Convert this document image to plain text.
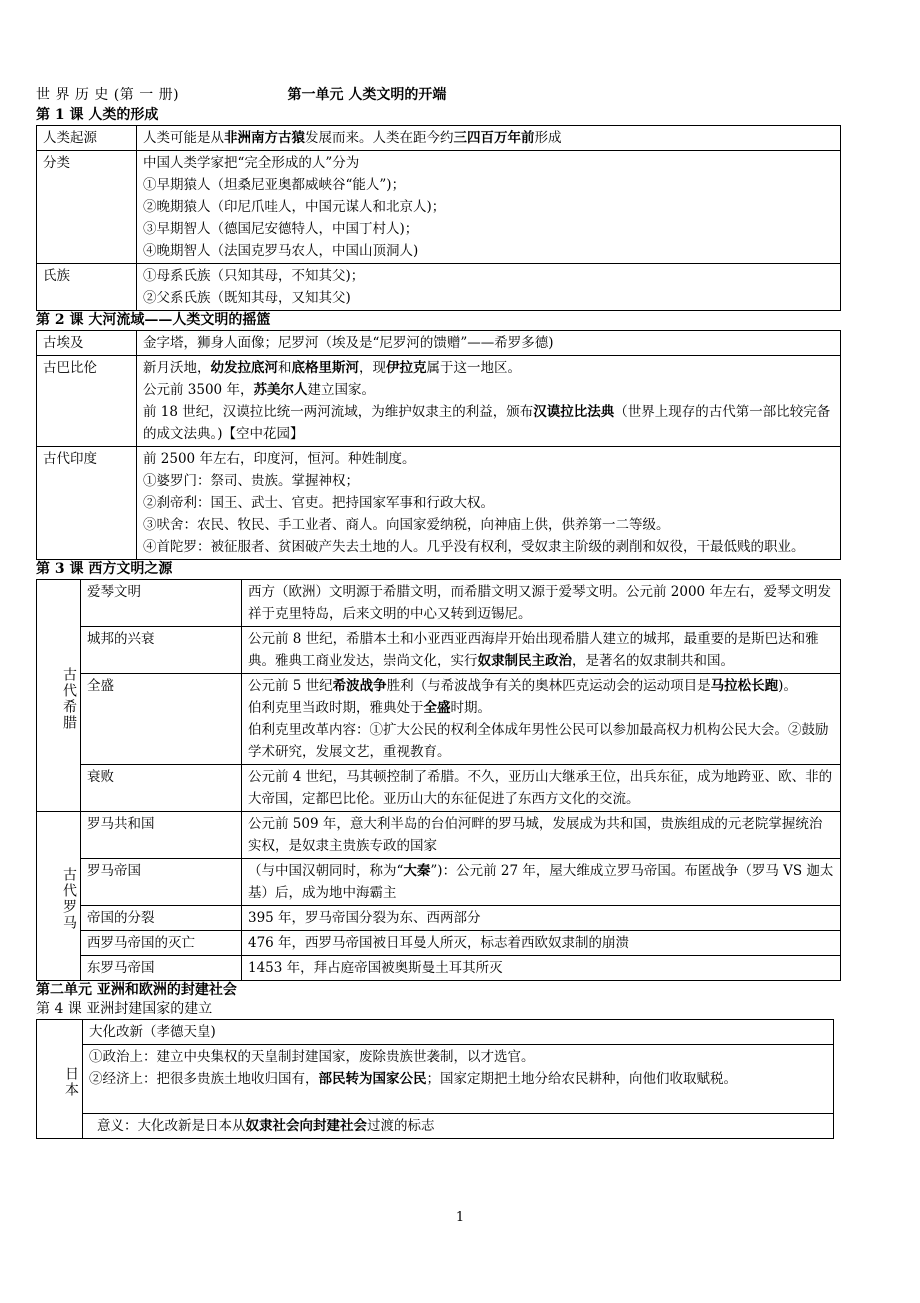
世 界 历 史 (第 一 册)	第一单元 人类文明的开端
第 1 课 人类的形成
人类起源	人类可能是从非洲南方古猿发展而来。人类在距今约三四百万年前形成
分类	中国人类学家把“完全形成的人”分为
①早期猿人（坦桑尼亚奥都威峡谷“能人”)；
②晚期猿人（印尼爪哇人，中国元谋人和北京人)；
③早期智人（德国尼安德特人，中国丁村人)；
④晚期智人（法国克罗马农人，中国山顶洞人)
氏族	①母系氏族（只知其母，不知其父)；
②父系氏族（既知其母，又知其父)
第 2 课 大河流域——人类文明的摇篮
古埃及	金字塔，狮身人面像；尼罗河（埃及是“尼罗河的馈赠”——希罗多德)
古巴比伦	新月沃地，幼发拉底河和底格里斯河，现伊拉克属于这一地区。
公元前 3500 年，苏美尔人建立国家。
前 18 世纪，汉谟拉比统一两河流域，为维护奴隶主的利益，颁布汉谟拉比法典（世界上现存的古代第一部比较完备的成文法典。)【空中花园】
古代印度	前 2500 年左右，印度河，恒河。种姓制度。
①婆罗门：祭司、贵族。掌握神权；
②刹帝利：国王、武士、官吏。把持国家军事和行政大权。
③吠舍：农民、牧民、手工业者、商人。向国家爱纳税，向神庙上供，供养第一二等级。
④首陀罗：被征服者、贫困破产失去土地的人。几乎没有权利，受奴隶主阶级的剥削和奴役，干最低贱的职业。
第 3 课 西方文明之源
古代希腊	爱琴文明	西方（欧洲）文明源于希腊文明，而希腊文明又源于爱琴文明。公元前 2000 年左右，爱琴文明发祥于克里特岛，后来文明的中心又转到迈锡尼。
	城邦的兴衰	公元前 8 世纪，希腊本土和小亚西亚西海岸开始出现希腊人建立的城邦，最重要的是斯巴达和雅典。雅典工商业发达，崇尚文化，实行奴隶制民主政治，是著名的奴隶制共和国。
	全盛	公元前 5 世纪希波战争胜利（与希波战争有关的奥林匹克运动会的运动项目是马拉松长跑)。
伯利克里当政时期，雅典处于全盛时期。
伯利克里改革内容：①扩大公民的权利全体成年男性公民可以参加最高权力机构公民大会。②鼓励学术研究，发展文艺，重视教育。
	衰败	公元前 4 世纪，马其顿控制了希腊。不久，亚历山大继承王位，出兵东征，成为地跨亚、欧、非的大帝国，定都巴比伦。亚历山大的东征促进了东西方文化的交流。
古代罗马	罗马共和国	公元前 509 年，意大利半岛的台伯河畔的罗马城，发展成为共和国，贵族组成的元老院掌握统治实权，是奴隶主贵族专政的国家
	罗马帝国	（与中国汉朝同时，称为“大秦”)：公元前 27 年，屋大维成立罗马帝国。布匿战争（罗马 VS 迦太基）后，成为地中海霸主
	帝国的分裂	395 年，罗马帝国分裂为东、西两部分
	西罗马帝国的灭亡	476 年，西罗马帝国被日耳曼人所灭，标志着西欧奴隶制的崩溃
	东罗马帝国	1453 年，拜占庭帝国被奥斯曼土耳其所灭
第二单元 亚洲和欧洲的封建社会
第 4 课 亚洲封建国家的建立
日本	大化改新（孝德天皇)
①政治上：建立中央集权的天皇制封建国家，废除贵族世袭制，以才选官。
②经济上：把很多贵族土地收归国有，部民转为国家公民；国家定期把土地分给农民耕种，向他们收取赋税。

意义：大化改新是日本从奴隶社会向封建社会过渡的标志
1
